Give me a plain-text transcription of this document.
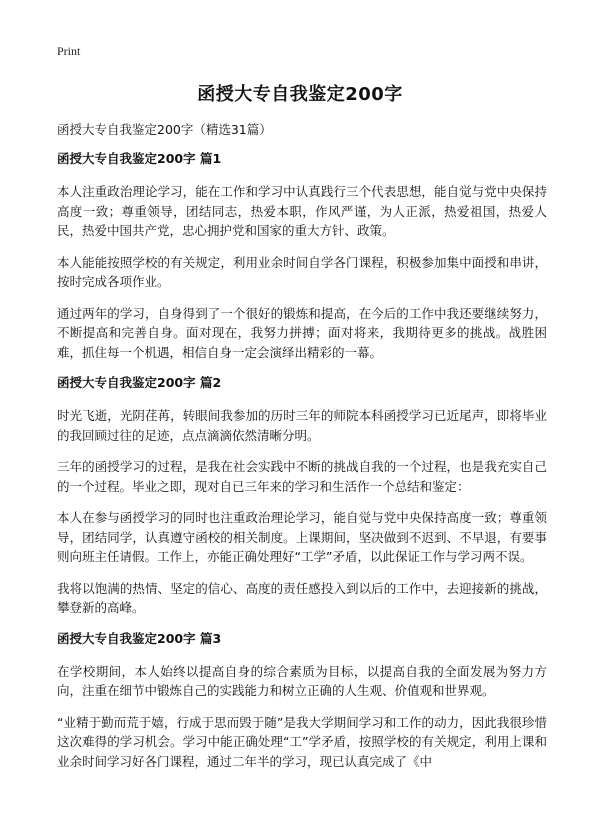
Print
函授大专自我鉴定200字

函授大专自我鉴定200字（精选31篇）

函授大专自我鉴定200字 篇1

本人注重政治理论学习，能在工作和学习中认真践行三个代表思想，能自觉与党中央保持高度一致；尊重领导，团结同志，热爱本职，作风严谨，为人正派，热爱祖国，热爱人民，热爱中国共产党，忠心拥护党和国家的重大方针、政策。

本人能能按照学校的有关规定，利用业余时间自学各门课程，积极参加集中面授和串讲，按时完成各项作业。

通过两年的学习，自身得到了一个很好的锻炼和提高，在今后的工作中我还要继续努力，不断提高和完善自身。面对现在，我努力拼搏；面对将来，我期待更多的挑战。战胜困难，抓住每一个机遇，相信自身一定会演绎出精彩的一幕。

函授大专自我鉴定200字 篇2

时光飞逝，光阴荏苒，转眼间我参加的历时三年的师院本科函授学习已近尾声，即将毕业的我回顾过往的足迹，点点滴滴依然清晰分明。

三年的函授学习的过程，是我在社会实践中不断的挑战自我的一个过程，也是我充实自己的一个过程。毕业之即，现对自已三年来的学习和生活作一个总结和鉴定：

本人在参与函授学习的同时也注重政治理论学习，能自觉与党中央保持高度一致；尊重领导，团结同学，认真遵守函校的相关制度。上课期间，坚决做到不迟到、不早退，有要事则向班主任请假。工作上，亦能正确处理好“工学”矛盾，以此保证工作与学习两不误。

我将以饱满的热情、坚定的信心、高度的责任感投入到以后的工作中，去迎接新的挑战，攀登新的高峰。

函授大专自我鉴定200字 篇3

在学校期间，本人始终以提高自身的综合素质为目标，以提高自我的全面发展为努力方向，注重在细节中锻炼自己的实践能力和树立正确的人生观、价值观和世界观。

“业精于勤而荒于嬉，行成于思而毁于随”是我大学期间学习和工作的动力，因此我很珍惜这次难得的学习机会。学习中能正确处理“工”学矛盾，按照学校的有关规定，利用上课和业余时间学习好各门课程，通过二年半的学习，现已认真完成了《中
